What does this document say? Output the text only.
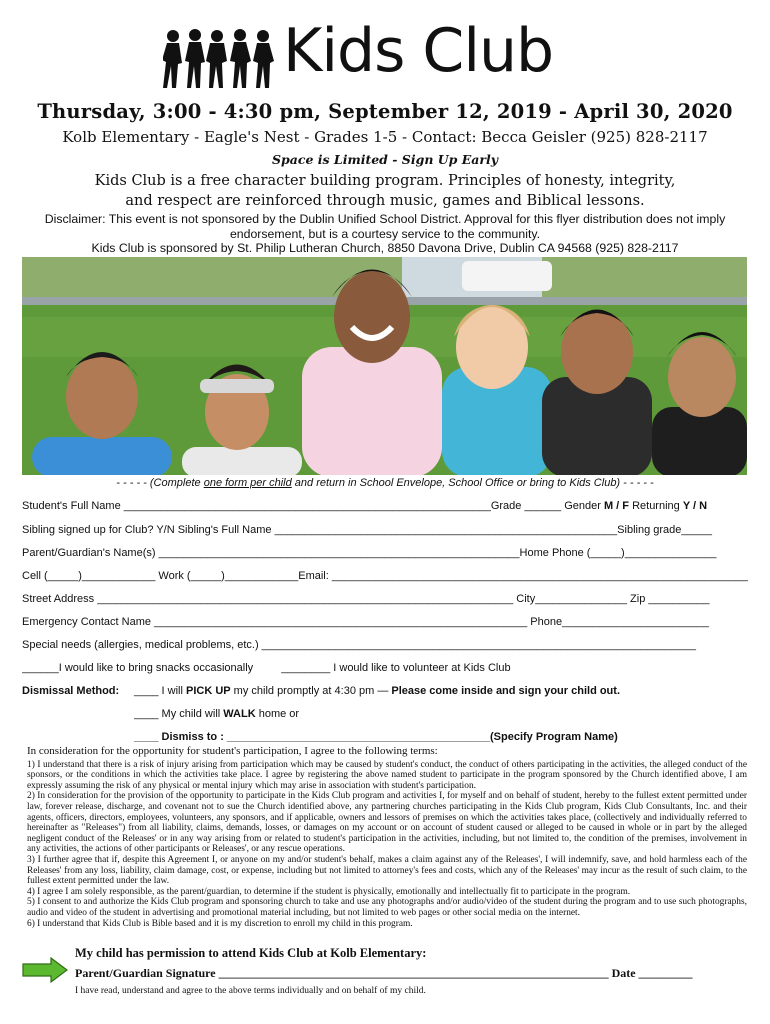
Kids Club
Thursday, 3:00 - 4:30 pm, September 12, 2019 - April 30, 2020
Kolb Elementary - Eagle's Nest - Grades 1-5 - Contact: Becca Geisler (925) 828-2117
Space is Limited - Sign Up Early
Kids Club is a free character building program. Principles of honesty, integrity, and respect are reinforced through music, games and Biblical lessons.
Disclaimer: This event is not sponsored by the Dublin Unified School District. Approval for this flyer distribution does not imply endorsement, but is a courtesy service to the community.
Kids Club is sponsored by St. Philip Lutheran Church, 8850 Davona Drive, Dublin CA 94568 (925) 828-2117
- - - - - (Complete one form per child and return in School Envelope, School Office or bring to Kids Club) - - - - -
Student's Full Name ____________________________________________________________Grade ______ Gender M / F Returning Y / N
Sibling signed up for Club? Y/N Sibling's Full Name ________________________________________________________Sibling grade_____
Parent/Guardian's Name(s) ___________________________________________________________Home Phone (_____)_______________
Cell (_____)____________ Work (_____)____________Email: ____________________________________________________________________
Street Address ____________________________________________________________________ City_______________ Zip __________
Emergency Contact Name _____________________________________________________________ Phone________________________
Special needs (allergies, medical problems, etc.) _______________________________________________________________________
______I would like to bring snacks occasionally	________ I would like to volunteer at Kids Club
Dismissal Method: ____ I will PICK UP my child promptly at 4:30 pm — Please come inside and sign your child out.
____ My child will WALK home or
____ Dismiss to : ___________________________________________(Specify Program Name)
In consideration for the opportunity for student's participation, I agree to the following terms:

1) I understand that there is a risk of injury arising from participation which may be caused by student's conduct, the conduct of others participating in the activities, the alleged conduct of the sponsors, or the conditions in which the activities take place. I agree by registering the above named student to participate in the program sponsored by the Church identified above, I am expressly assuming the risk of any physical or mental injury which may arise in association with student's participation.

2) In consideration for the provision of the opportunity to participate in the Kids Club program and activities I, for myself and on behalf of student, hereby to the fullest extent permitted under law, forever release, discharge, and covenant not to sue the Church identified above, any partnering churches participating in the Kids Club program, Kids Club Consultants, Inc. and their agents, officers, directors, employees, volunteers, any sponsors, and if applicable, owners and lessors of premises on which the activities takes place, (collectively and individually referred to hereinafter as "Releases") from all liability, claims, demands, losses, or damages on my account or on account of student caused or alleged to be caused in whole or in part by the alleged negligent conduct of the Releases' or in any way arising from or related to student's participation in the activities, including, but not limited to, the condition of the premises, involvement in any activities, the actions of other participants or Releases', or any rescue operations.

3) I further agree that if, despite this Agreement I, or anyone on my and/or student's behalf, makes a claim against any of the Releases', I will indemnify, save, and hold harmless each of the Releases' from any loss, liability, claim damage, cost, or expense, including but not limited to attorney's fees and costs, which any of the Releases' may incur as the result of such claim, to the fullest extent permitted under the law.

4) I agree I am solely responsible, as the parent/guardian, to determine if the student is physically, emotionally and intellectually fit to participate in the program.

5) I consent to and authorize the Kids Club program and sponsoring church to take and use any photographs and/or audio/video of the student during the program and to use such photographs, audio and video of the student in advertising and promotional material including, but not limited to web pages or other social media on the internet.

6) I understand that Kids Club is Bible based and it is my discretion to enroll my child in this program.

My child has permission to attend Kids Club at Kolb Elementary:
Parent/Guardian Signature _________________________________________________________________ Date _________
I have read, understand and agree to the above terms individually and on behalf of my child.
